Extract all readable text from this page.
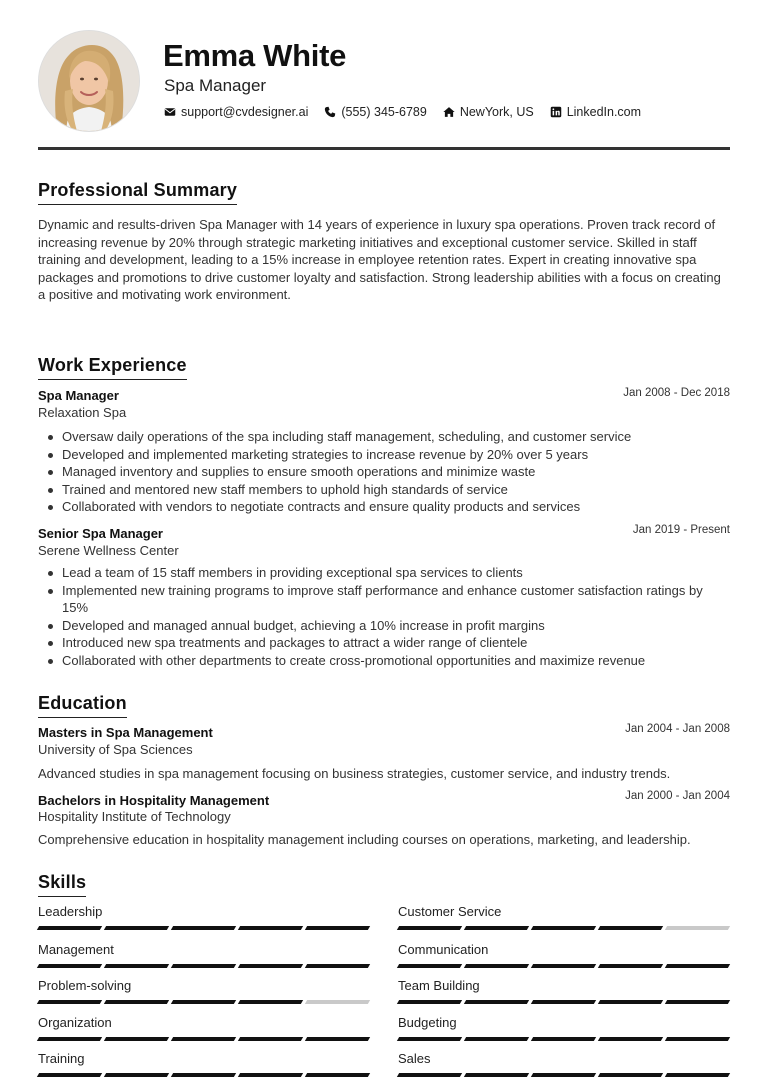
Emma White
Spa Manager
support@cvdesigner.ai	(555) 345-6789	NewYork, US	LinkedIn.com
Professional Summary
Dynamic and results-driven Spa Manager with 14 years of experience in luxury spa operations. Proven track record of increasing revenue by 20% through strategic marketing initiatives and exceptional customer service. Skilled in staff training and development, leading to a 15% increase in employee retention rates. Expert in creating innovative spa packages and promotions to drive customer loyalty and satisfaction. Strong leadership abilities with a focus on creating a positive and motivating work environment.
Work Experience
Spa Manager	Jan 2008 - Dec 2018
Relaxation Spa
Oversaw daily operations of the spa including staff management, scheduling, and customer service
Developed and implemented marketing strategies to increase revenue by 20% over 5 years
Managed inventory and supplies to ensure smooth operations and minimize waste
Trained and mentored new staff members to uphold high standards of service
Collaborated with vendors to negotiate contracts and ensure quality products and services
Senior Spa Manager	Jan 2019 - Present
Serene Wellness Center
Lead a team of 15 staff members in providing exceptional spa services to clients
Implemented new training programs to improve staff performance and enhance customer satisfaction ratings by 15%
Developed and managed annual budget, achieving a 10% increase in profit margins
Introduced new spa treatments and packages to attract a wider range of clientele
Collaborated with other departments to create cross-promotional opportunities and maximize revenue
Education
Masters in Spa Management	Jan 2004 - Jan 2008
University of Spa Sciences
Advanced studies in spa management focusing on business strategies, customer service, and industry trends.
Bachelors in Hospitality Management	Jan 2000 - Jan 2004
Hospitality Institute of Technology
Comprehensive education in hospitality management including courses on operations, marketing, and leadership.
Skills
Leadership	Customer Service
Management	Communication
Problem-solving	Team Building
Organization	Budgeting
Training	Sales
